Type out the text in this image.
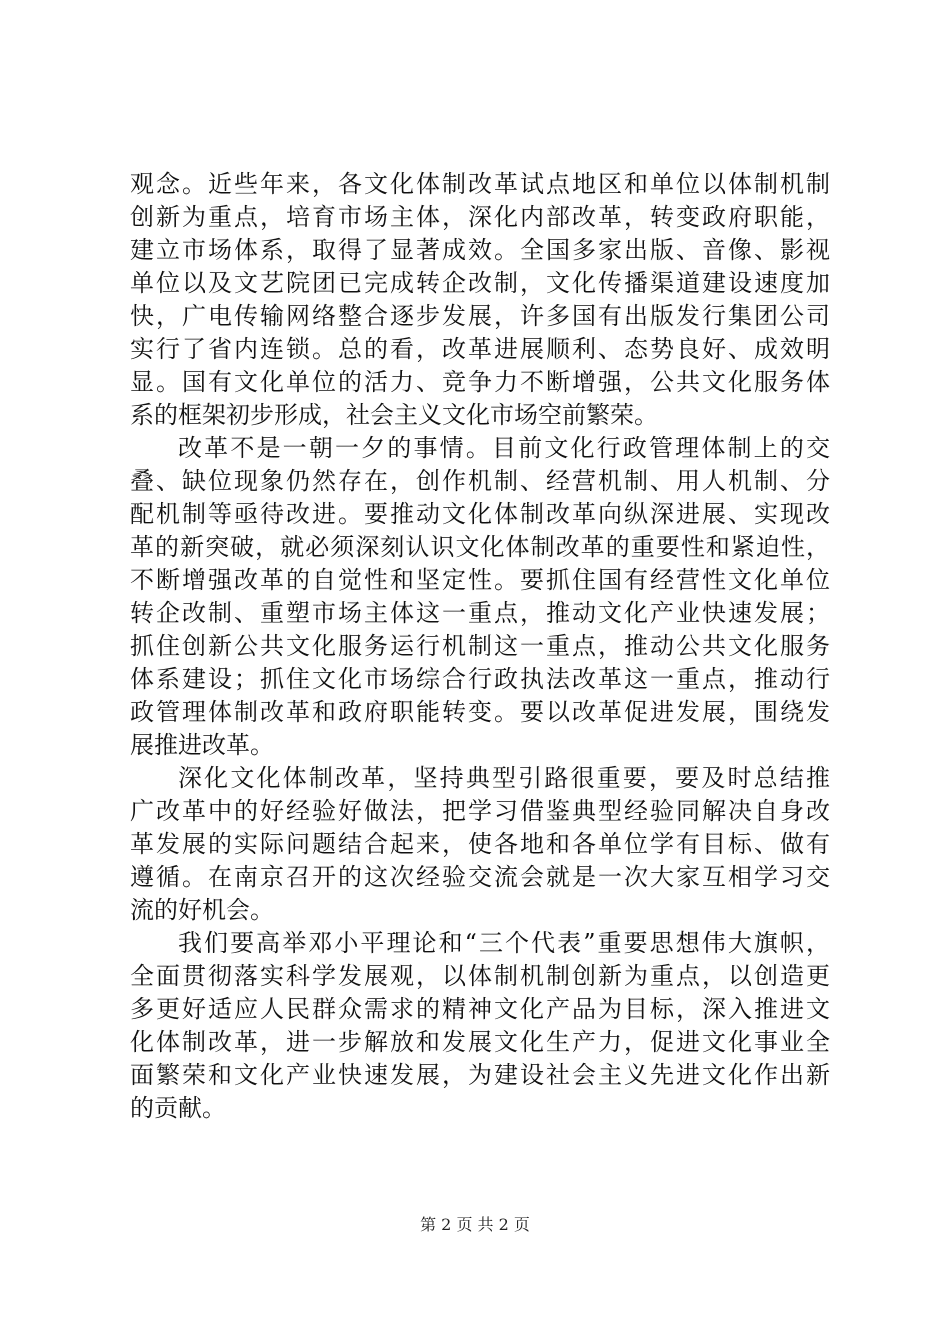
观念。近些年来，各文化体制改革试点地区和单位以体制机制
创新为重点，培育市场主体，深化内部改革，转变政府职能，
建立市场体系，取得了显著成效。全国多家出版、音像、影视
单位以及文艺院团已完成转企改制，文化传播渠道建设速度加
快，广电传输网络整合逐步发展，许多国有出版发行集团公司
实行了省内连锁。总的看，改革进展顺利、态势良好、成效明
显。国有文化单位的活力、竞争力不断增强，公共文化服务体
系的框架初步形成，社会主义文化市场空前繁荣。
改革不是一朝一夕的事情。目前文化行政管理体制上的交
叠、缺位现象仍然存在，创作机制、经营机制、用人机制、分
配机制等亟待改进。要推动文化体制改革向纵深进展、实现改
革的新突破，就必须深刻认识文化体制改革的重要性和紧迫性，
不断增强改革的自觉性和坚定性。要抓住国有经营性文化单位
转企改制、重塑市场主体这一重点，推动文化产业快速发展；
抓住创新公共文化服务运行机制这一重点，推动公共文化服务
体系建设；抓住文化市场综合行政执法改革这一重点，推动行
政管理体制改革和政府职能转变。要以改革促进发展，围绕发
展推进改革。
深化文化体制改革，坚持典型引路很重要，要及时总结推
广改革中的好经验好做法，把学习借鉴典型经验同解决自身改
革发展的实际问题结合起来，使各地和各单位学有目标、做有
遵循。在南京召开的这次经验交流会就是一次大家互相学习交
流的好机会。
我们要高举邓小平理论和“三个代表”重要思想伟大旗帜，
全面贯彻落实科学发展观，以体制机制创新为重点，以创造更
多更好适应人民群众需求的精神文化产品为目标，深入推进文
化体制改革，进一步解放和发展文化生产力，促进文化事业全
面繁荣和文化产业快速发展，为建设社会主义先进文化作出新
的贡献。
第 2 页 共 2 页
